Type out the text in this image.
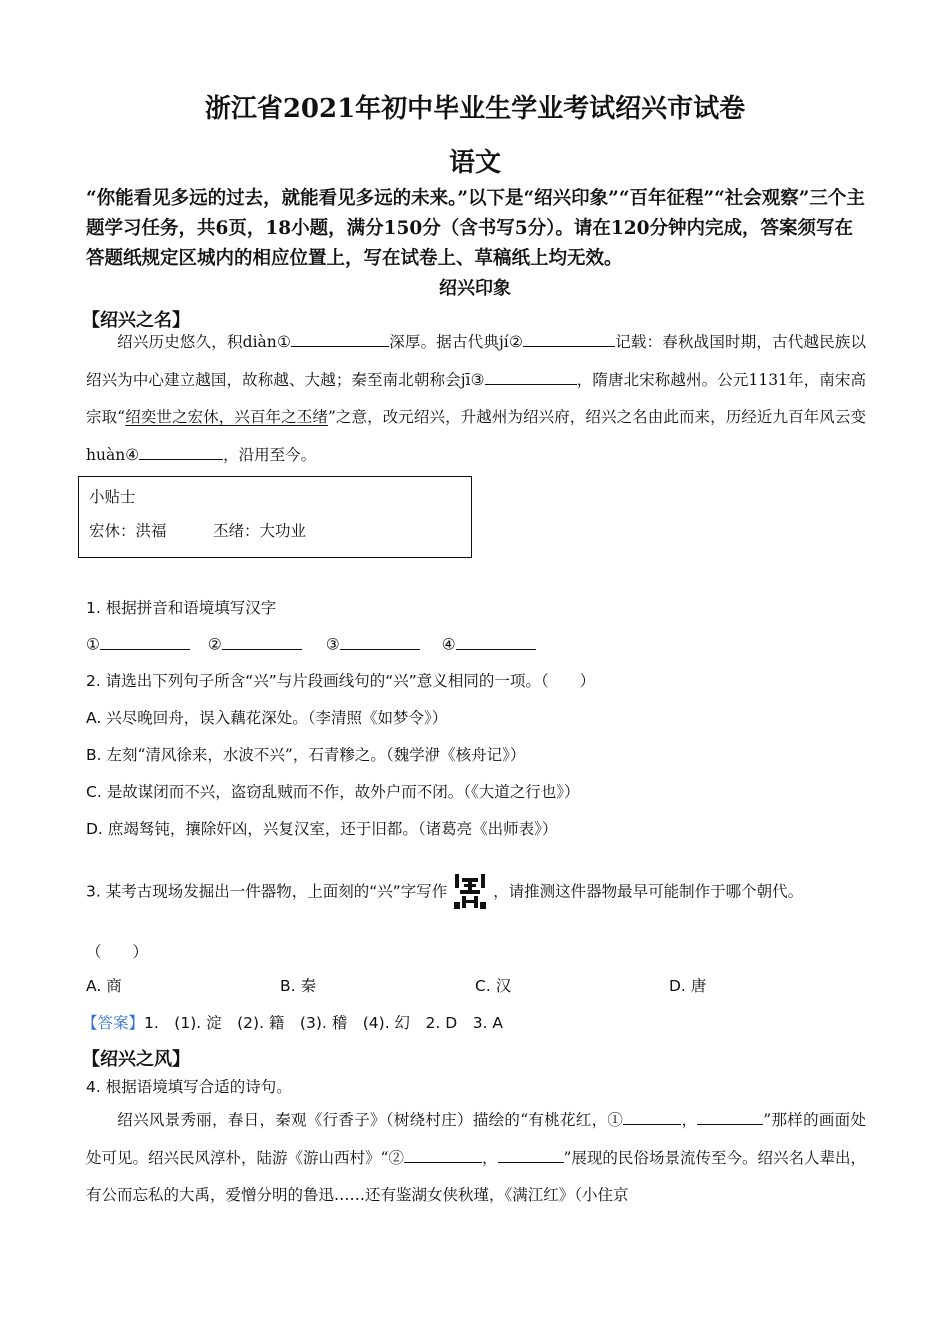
浙江省2021年初中毕业生学业考试绍兴市试卷
语文
“你能看见多远的过去，就能看见多远的未来。”以下是“绍兴印象”“百年征程”“社会观察”三个主题学习任务，共6页，18小题，满分150分（含书写5分）。请在120分钟内完成，答案须写在答题纸规定区城内的相应位置上，写在试卷上、草稿纸上均无效。
绍兴印象
【绍兴之名】
绍兴历史悠久，积diàn①	深厚。据古代典jí②	记载：春秋战国时期，古代越民族以绍兴为中心建立越国，故称越、大越；秦至南北朝称会jī③	，隋唐北宋称越州。公元1131年，南宋高宗取“绍奕世之宏休，兴百年之丕绪”之意，改元绍兴，升越州为绍兴府，绍兴之名由此而来，历经近九百年风云变huàn④	，沿用至今。
小贴士
宏休：洪福	丕绪：大功业
1. 根据拼音和语境填写汉字
①	②	③	④
2. 请选出下列句子所含“兴”与片段画线句的“兴”意义相同的一项。（　　）
A. 兴尽晚回舟，误入藕花深处。（李清照《如梦令》）
B. 左刻“清风徐来，水波不兴”，石青糁之。（魏学洢《核舟记》）
C. 是故谋闭而不兴，盗窃乱贼而不作，故外户而不闭。（《大道之行也》）
D. 庶竭驽钝，攘除奸凶，兴复汉室，还于旧都。（诸葛亮《出师表》）
3. 某考古现场发掘出一件器物，上面刻的“兴”字写作	，请推测这件器物最早可能制作于哪个朝代。
（　　）
A. 商	B. 秦	C. 汉	D. 唐
【答案】1.　(1). 淀　(2). 籍　(3). 稽　(4). 幻　2. D　3. A
【绍兴之风】
4. 根据语境填写合适的诗句。
绍兴风景秀丽，春日，秦观《行香子》（树绕村庄）描绘的“有桃花红，①	，	”那样的画面处处可见。绍兴民风淳朴，陆游《游山西村》“②	，	”展现的民俗场景流传至今。绍兴名人辈出，有公而忘私的大禹，爱憎分明的鲁迅……还有鉴湖女侠秋瑾，《满江红》（小住京
